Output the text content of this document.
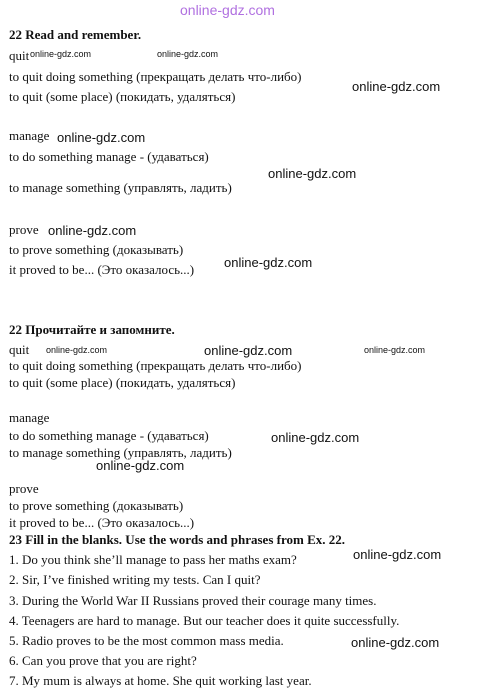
online-gdz.com
22 Read and remember.
quit
to quit doing something (прекращать делать что-либо)
to quit (some place) (покидать, удаляться)
manage
to do something manage - (удаваться)
to manage something (управлять, ладить)
prove
to prove something (доказывать)
it proved to be... (Это оказалось...)
22 Прочитайте и запомните.
quit
to quit doing something (прекращать делать что-либо)
to quit (some place) (покидать, удаляться)
manage
to do something manage - (удаваться)
to manage something (управлять, ладить)
prove
to prove something (доказывать)
it proved to be... (Это оказалось...)
23 Fill in the blanks. Use the words and phrases from Ex. 22.
1. Do you think she’ll manage to pass her maths exam?
2. Sir, I’ve finished writing my tests. Can I quit?
3. During the World War II Russians proved their courage many times.
4. Teenagers are hard to manage. But our teacher does it quite successfully.
5. Radio proves to be the most common mass media.
6. Can you prove that you are right?
7. My mum is always at home. She quit working last year.
online-gdz.com	online-gdz.com
online-gdz.com	online-gdz.com
online-gdz.com
online-gdz.com
online-gdz.com
online-gdz.com
online-gdz.com
online-gdz.com
online-gdz.com
online-gdz.com
online-gdz.com
online-gdz.com
